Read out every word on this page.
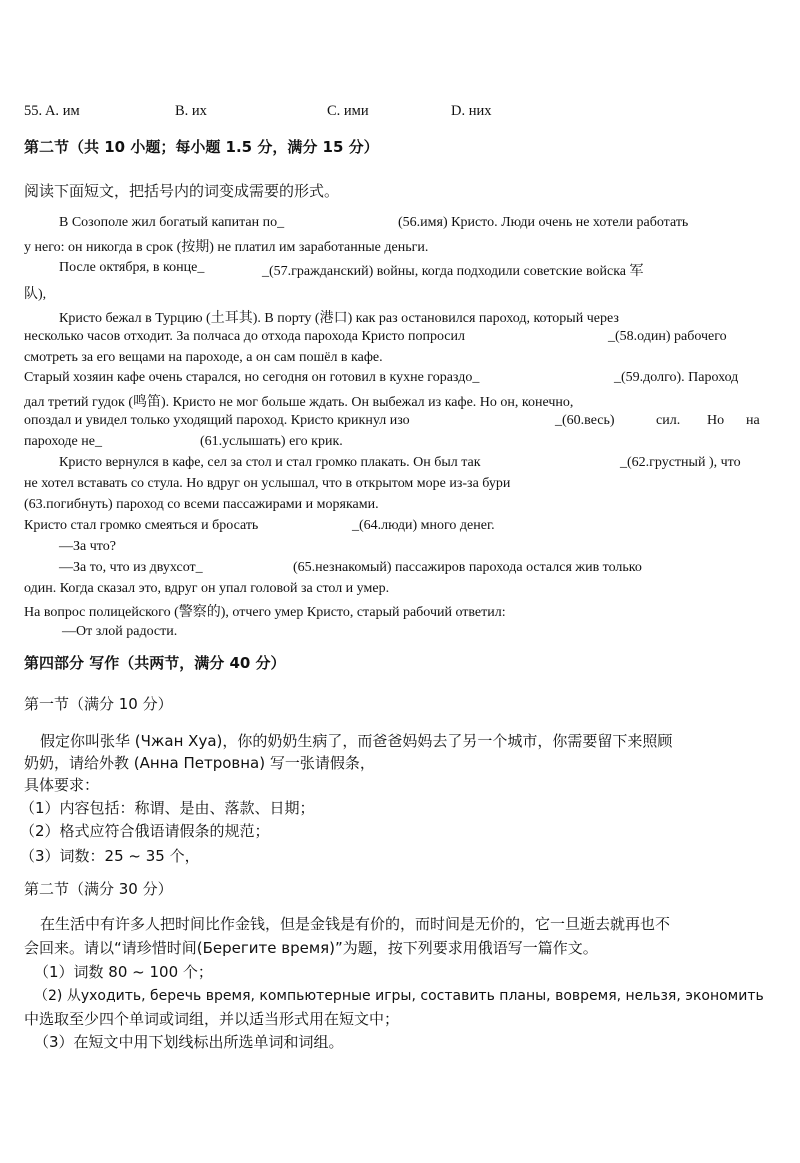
55. A. им	B. их	C. ими	D. них
第二节（共 10 小题；每小题 1.5 分，满分 15 分）
阅读下面短文，把括号内的词变成需要的形式。
В Созополе жил богатый капитан по_	(56.имя) Кристо. Люди очень не хотели работать
у него: он никогда в срок (按期) не платил им заработанные деньги.
После октября, в конце_	_(57.гражданский) войны, когда подходили советские войска 军
队),
Кристо бежал в Турцию (土耳其). В порту (港口) как раз остановился пароход, который через
несколько часов отходит. За полчаса до отхода парохода Кристо попросил	_(58.один) рабочего
смотреть за его вещами на пароходе, а он сам пошёл в кафе.
Старый хозяин кафе очень старался, но сегодня он готовил в кухне гораздо_	_(59.долго). Пароход
дал третий гудок (鸣笛). Кристо не мог больше ждать. Он выбежал из кафе. Но он, конечно,
опоздал и увидел только уходящий пароход. Кристо крикнул изо	_(60.весь)	сил. Но на
пароходе не_	(61.услышать) его крик.
Кристо вернулся в кафе, сел за стол и стал громко плакать. Он был так	_(62.грустный ), что
не хотел вставать со стула. Но вдруг он услышал, что в открытом море из-за бури
(63.погибнуть) пароход со всеми пассажирами и моряками.
Кристо стал громко смеяться и бросать	_(64.люди) много денег.
—За что?
—За то, что из двухсот_	(65.незнакомый) пассажиров парохода остался жив только
один. Когда сказал это, вдруг он упал головой за стол и умер.
На вопрос полицейского (警察的), отчего умер Кристо, старый рабочий ответил:
—От злой радости.
第四部分 写作（共两节，满分 40 分）
第一节（满分 10 分）
假定你叫张华 (Чжан Хуа)，你的奶奶生病了，而爸爸妈妈去了另一个城市，你需要留下来照顾
奶奶，请给外教 (Анна Петровна) 写一张请假条，
具体要求：
（1）内容包括：称谓、是由、落款、日期；
（2）格式应符合俄语请假条的规范；
（3）词数：25 ~ 35 个，
第二节（满分 30 分）
在生活中有许多人把时间比作金钱，但是金钱是有价的，而时间是无价的，它一旦逝去就再也不
会回来。请以“请珍惜时间(Берегите время)”为题，按下列要求用俄语写一篇作文。
（1）词数 80 ~ 100 个；
（2) 从уходить, беречь время, компьютерные игры, составить планы, вовремя, нельзя, экономить
中选取至少四个单词或词组，并以适当形式用在短文中；
（3）在短文中用下划线标出所选单词和词组。
